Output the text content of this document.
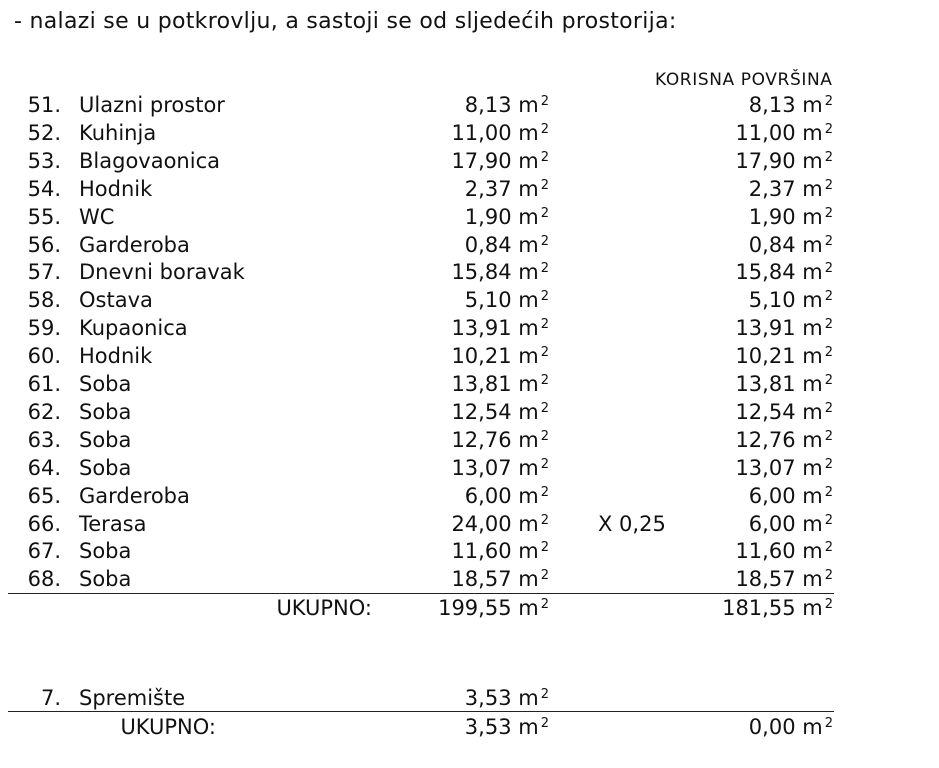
- nalazi se u potkrovlju, a sastoji se od sljedećih prostorija:
KORISNA POVRŠINA
51. Ulazni prostor	8,13 m $^2$	8,13 m $^2$
52. Kuhinja	11,00 m $^2$	11,00 m $^2$
53. Blagovaonica	17,90 m $^2$	17,90 m $^2$
54. Hodnik	2,37 m $^2$	2,37 m $^2$
55. WC	1,90 m $^2$	1,90 m $^2$
56. Garderoba	0,84 m $^2$	0,84 m $^2$
57. Dnevni boravak	15,84 m $^2$	15,84 m $^2$
58. Ostava	5,10 m $^2$	5,10 m $^2$
59. Kupaonica	13,91 m $^2$	13,91 m $^2$
60. Hodnik	10,21 m $^2$	10,21 m $^2$
61. Soba	13,81 m $^2$	13,81 m $^2$
62. Soba	12,54 m $^2$	12,54 m $^2$
63. Soba	12,76 m $^2$	12,76 m $^2$
64. Soba	13,07 m $^2$	13,07 m $^2$
65. Garderoba	6,00 m $^2$	6,00 m $^2$
66. Terasa	24,00 m $^2$ X 0,25	6,00 m $^2$
67. Soba	11,60 m $^2$	11,60 m $^2$
68. Soba	18,57 m $^2$	18,57 m $^2$
UKUPNO:	199,55 m $^2$	181,55 m $^2$
7. Spremište	3,53 m $^2$
UKUPNO:	3,53 m $^2$	0,00 m $^2$
